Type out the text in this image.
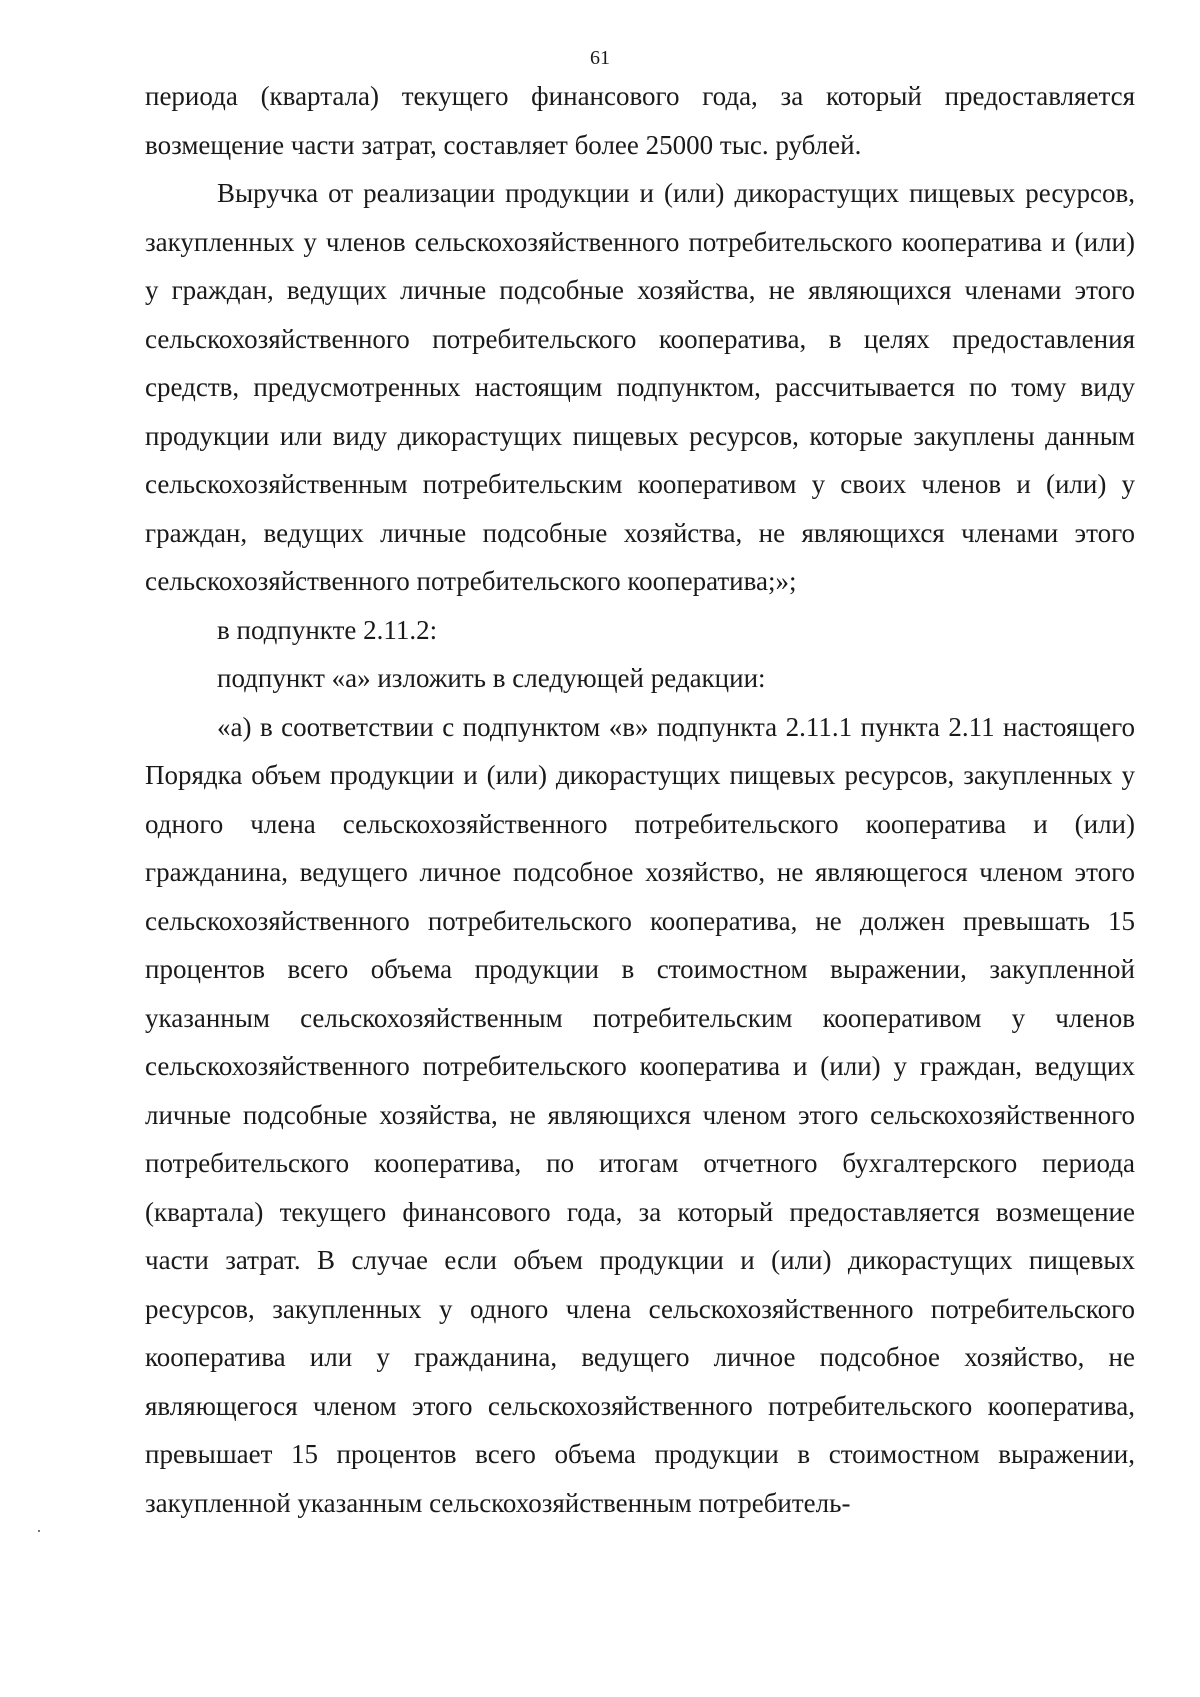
61

периода (квартала) текущего финансового года, за который предоставляется возмещение части затрат, составляет более 25000 тыс. рублей.

Выручка от реализации продукции и (или) дикорастущих пищевых ресурсов, закупленных у членов сельскохозяйственного потребительского кооператива и (или) у граждан, ведущих личные подсобные хозяйства, не являющихся членами этого сельскохозяйственного потребительского кооператива, в целях предоставления средств, предусмотренных настоящим подпунктом, рассчитывается по тому виду продукции или виду дикорастущих пищевых ресурсов, которые закуплены данным сельскохозяйственным потребительским кооперативом у своих членов и (или) у граждан, ведущих личные подсобные хозяйства, не являющихся членами этого сельскохозяйственного потребительского кооператива;»;

в подпункте 2.11.2:

подпункт «а» изложить в следующей редакции:

«а) в соответствии с подпунктом «в» подпункта 2.11.1 пункта 2.11 настоящего Порядка объем продукции и (или) дикорастущих пищевых ресурсов, закупленных у одного члена сельскохозяйственного потребительского кооператива и (или) гражданина, ведущего личное подсобное хозяйство, не являющегося членом этого сельскохозяйственного потребительского кооператива, не должен превышать 15 процентов всего объема продукции в стоимостном выражении, закупленной указанным сельскохозяйственным потребительским кооперативом у членов сельскохозяйственного потребительского кооператива и (или) у граждан, ведущих личные подсобные хозяйства, не являющихся членом этого сельскохозяйственного потребительского кооператива, по итогам отчетного бухгалтерского периода (квартала) текущего финансового года, за который предоставляется возмещение части затрат. В случае если объем продукции и (или) дикорастущих пищевых ресурсов, закупленных у одного члена сельскохозяйственного потребительского кооператива или у гражданина, ведущего личное подсобное хозяйство, не являющегося членом этого сельскохозяйственного потребительского кооператива, превышает 15 процентов всего объема продукции в стоимостном выражении, закупленной указанным сельскохозяйственным потребитель-
